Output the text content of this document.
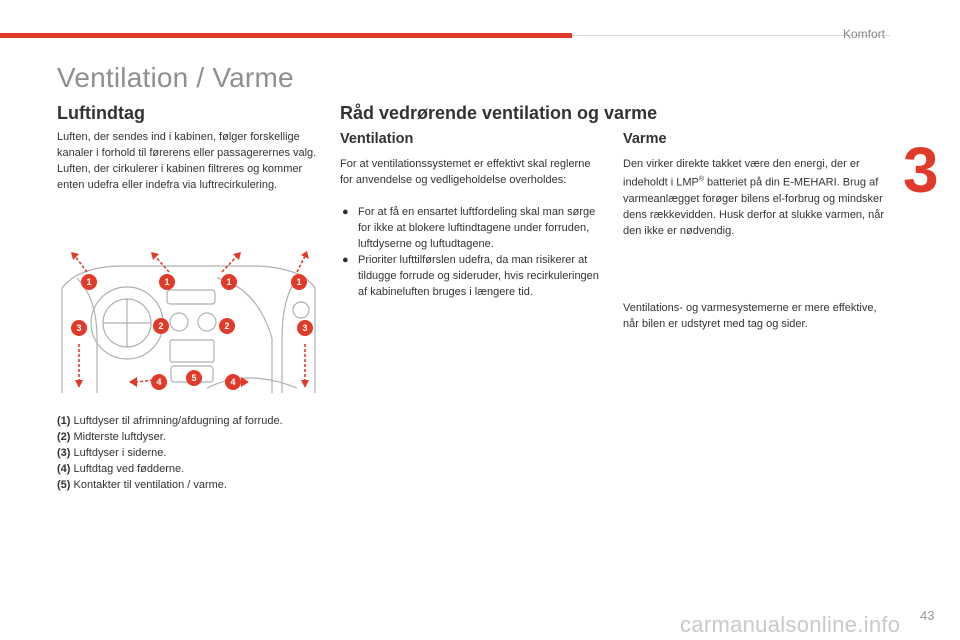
Komfort
3
Ventilation / Varme
Luftindtag

Luften, der sendes ind i kabinen, følger forskellige kanaler i forhold til førerens eller passagerernes valg. Luften, der cirkulerer i kabinen filtreres og kommer enten udefra eller indefra via luftrecirkulering.

1	1	1	1
2	2
3	3
4	4
5
(1) Luftdyser til afrimning/afdugning af forrude.
(2) Midterste luftdyser.
(3) Luftdyser i siderne.
(4) Luftdtag ved fødderne.
(5) Kontakter til ventilation / varme.
Råd vedrørende ventilation og varme
Ventilation

For at ventilationssystemet er effektivt skal reglerne for anvendelse og vedligeholdelse overholdes:

● For at få en ensartet luftfordeling skal man sørge for ikke at blokere luftindtagene under forruden, luftdyserne og luftudtagene.
● Prioriter lufttilførslen udefra, da man risikerer at tildugge forrude og sideruder, hvis recirkuleringen af kabineluften bruges i længere tid.
Varme

Den virker direkte takket være den energi, der er indeholdt i LMP® batteriet på din E-MEHARI. Brug af varmeanlægget forøger bilens el-forbrug og mindsker dens rækkevidden. Husk derfor at slukke varmen, når den ikke er nødvendig.

Ventilations- og varmesystemerne er mere effektive, når bilen er udstyret med tag og sider.

carmanualsonline.info 43
